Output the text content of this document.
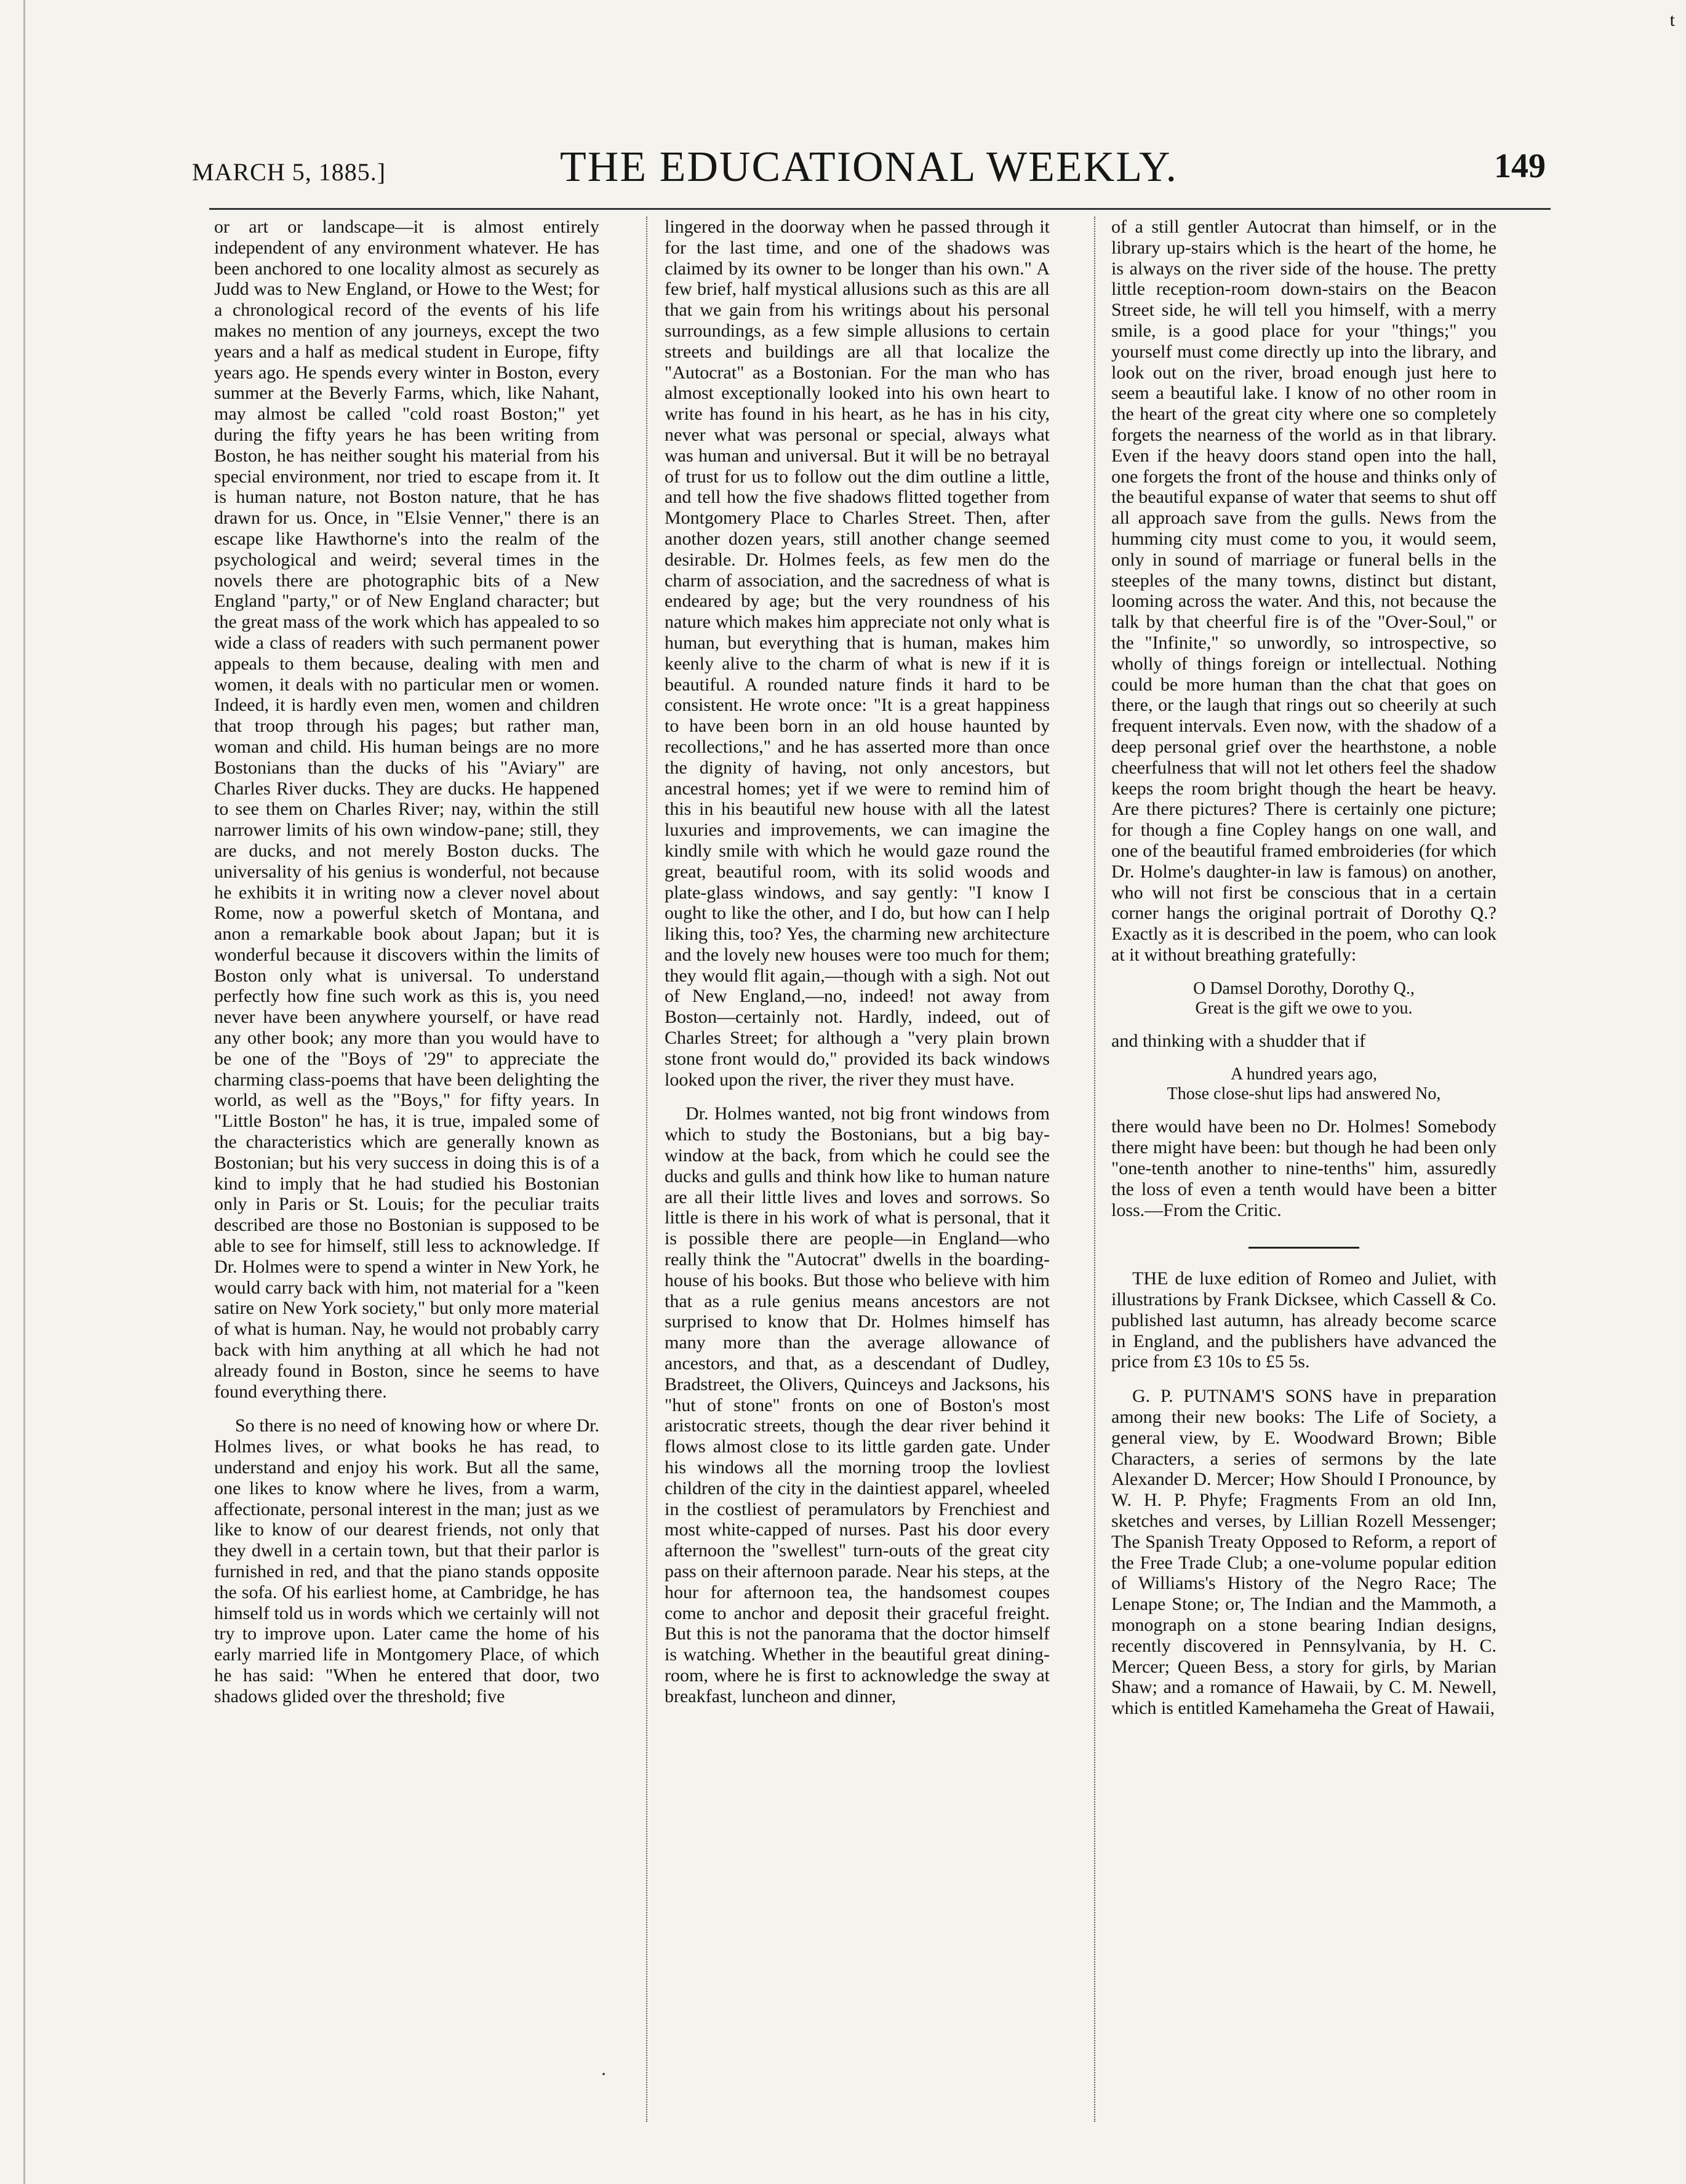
t
MARCH 5, 1885.]	THE EDUCATIONAL WEEKLY.	149

or art or landscape—it is almost entirely independent of any environment whatever. He has been anchored to one locality almost as securely as Judd was to New England, or Howe to the West; for a chronological record of the events of his life makes no mention of any journeys, except the two years and a half as medical student in Europe, fifty years ago. He spends every winter in Boston, every summer at the Beverly Farms, which, like Nahant, may almost be called "cold roast Boston;" yet during the fifty years he has been writing from Boston, he has neither sought his material from his special environment, nor tried to escape from it. It is human nature, not Boston nature, that he has drawn for us. Once, in "Elsie Venner," there is an escape like Hawthorne's into the realm of the psychological and weird; several times in the novels there are photographic bits of a New England "party," or of New England character; but the great mass of the work which has appealed to so wide a class of readers with such permanent power appeals to them because, dealing with men and women, it deals with no particular men or women. Indeed, it is hardly even men, women and children that troop through his pages; but rather man, woman and child. His human beings are no more Bostonians than the ducks of his "Aviary" are Charles River ducks. They are ducks. He happened to see them on Charles River; nay, within the still narrower limits of his own window-pane; still, they are ducks, and not merely Boston ducks. The universality of his genius is wonderful, not because he exhibits it in writing now a clever novel about Rome, now a powerful sketch of Montana, and anon a remarkable book about Japan; but it is wonderful because it discovers within the limits of Boston only what is universal. To understand perfectly how fine such work as this is, you need never have been anywhere yourself, or have read any other book; any more than you would have to be one of the "Boys of '29" to appreciate the charming class-poems that have been delighting the world, as well as the "Boys," for fifty years. In "Little Boston" he has, it is true, impaled some of the characteristics which are generally known as Bostonian; but his very success in doing this is of a kind to imply that he had studied his Bostonian only in Paris or St. Louis; for the peculiar traits described are those no Bostonian is supposed to be able to see for himself, still less to acknowledge. If Dr. Holmes were to spend a winter in New York, he would carry back with him, not material for a "keen satire on New York society," but only more material of what is human. Nay, he would not probably carry back with him anything at all which he had not already found in Boston, since he seems to have found everything there.

So there is no need of knowing how or where Dr. Holmes lives, or what books he has read, to understand and enjoy his work. But all the same, one likes to know where he lives, from a warm, affectionate, personal interest in the man; just as we like to know of our dearest friends, not only that they dwell in a certain town, but that their parlor is furnished in red, and that the piano stands opposite the sofa. Of his earliest home, at Cambridge, he has himself told us in words which we certainly will not try to improve upon. Later came the home of his early married life in Montgomery Place, of which he has said: "When he entered that door, two shadows glided over the threshold; five

lingered in the doorway when he passed through it for the last time, and one of the shadows was claimed by its owner to be longer than his own." A few brief, half mystical allusions such as this are all that we gain from his writings about his personal surroundings, as a few simple allusions to certain streets and buildings are all that localize the "Autocrat" as a Bostonian. For the man who has almost exceptionally looked into his own heart to write has found in his heart, as he has in his city, never what was personal or special, always what was human and universal. But it will be no betrayal of trust for us to follow out the dim outline a little, and tell how the five shadows flitted together from Montgomery Place to Charles Street. Then, after another dozen years, still another change seemed desirable. Dr. Holmes feels, as few men do the charm of association, and the sacredness of what is endeared by age; but the very roundness of his nature which makes him appreciate not only what is human, but everything that is human, makes him keenly alive to the charm of what is new if it is beautiful. A rounded nature finds it hard to be consistent. He wrote once: "It is a great happiness to have been born in an old house haunted by recollections," and he has asserted more than once the dignity of having, not only ancestors, but ancestral homes; yet if we were to remind him of this in his beautiful new house with all the latest luxuries and improvements, we can imagine the kindly smile with which he would gaze round the great, beautiful room, with its solid woods and plate-glass windows, and say gently: "I know I ought to like the other, and I do, but how can I help liking this, too? Yes, the charming new architecture and the lovely new houses were too much for them; they would flit again,—though with a sigh. Not out of New England,—no, indeed! not away from Boston—certainly not. Hardly, indeed, out of Charles Street; for although a "very plain brown stone front would do," provided its back windows looked upon the river, the river they must have.

Dr. Holmes wanted, not big front windows from which to study the Bostonians, but a big bay-window at the back, from which he could see the ducks and gulls and think how like to human nature are all their little lives and loves and sorrows. So little is there in his work of what is personal, that it is possible there are people—in England—who really think the "Autocrat" dwells in the boarding-house of his books. But those who believe with him that as a rule genius means ancestors are not surprised to know that Dr. Holmes himself has many more than the average allowance of ancestors, and that, as a descendant of Dudley, Bradstreet, the Olivers, Quinceys and Jacksons, his "hut of stone" fronts on one of Boston's most aristocratic streets, though the dear river behind it flows almost close to its little garden gate. Under his windows all the morning troop the lovliest children of the city in the daintiest apparel, wheeled in the costliest of peramulators by Frenchiest and most white-capped of nurses. Past his door every afternoon the "swellest" turn-outs of the great city pass on their afternoon parade. Near his steps, at the hour for afternoon tea, the handsomest coupes come to anchor and deposit their graceful freight. But this is not the panorama that the doctor himself is watching. Whether in the beautiful great dining-room, where he is first to acknowledge the sway at breakfast, luncheon and dinner,

of a still gentler Autocrat than himself, or in the library up-stairs which is the heart of the home, he is always on the river side of the house. The pretty little reception-room down-stairs on the Beacon Street side, he will tell you himself, with a merry smile, is a good place for your "things;" you yourself must come directly up into the library, and look out on the river, broad enough just here to seem a beautiful lake. I know of no other room in the heart of the great city where one so completely forgets the nearness of the world as in that library. Even if the heavy doors stand open into the hall, one forgets the front of the house and thinks only of the beautiful expanse of water that seems to shut off all approach save from the gulls. News from the humming city must come to you, it would seem, only in sound of marriage or funeral bells in the steeples of the many towns, distinct but distant, looming across the water. And this, not because the talk by that cheerful fire is of the "Over-Soul," or the "Infinite," so unwordly, so introspective, so wholly of things foreign or intellectual. Nothing could be more human than the chat that goes on there, or the laugh that rings out so cheerily at such frequent intervals. Even now, with the shadow of a deep personal grief over the hearthstone, a noble cheerfulness that will not let others feel the shadow keeps the room bright though the heart be heavy. Are there pictures? There is certainly one picture; for though a fine Copley hangs on one wall, and one of the beautiful framed embroideries (for which Dr. Holme's daughter-in law is famous) on another, who will not first be conscious that in a certain corner hangs the original portrait of Dorothy Q.? Exactly as it is described in the poem, who can look at it without breathing gratefully:

O Damsel Dorothy, Dorothy Q.,
Great is the gift we owe to you.

and thinking with a shudder that if

A hundred years ago,
Those close-shut lips had answered No,

there would have been no Dr. Holmes! Somebody there might have been: but though he had been only "one-tenth another to nine-tenths" him, assuredly the loss of even a tenth would have been a bitter loss.—From the Critic.

THE de luxe edition of Romeo and Juliet, with illustrations by Frank Dicksee, which Cassell & Co. published last autumn, has already become scarce in England, and the publishers have advanced the price from £3 10s to £5 5s.

G. P. PUTNAM'S SONS have in preparation among their new books: The Life of Society, a general view, by E. Woodward Brown; Bible Characters, a series of sermons by the late Alexander D. Mercer; How Should I Pronounce, by W. H. P. Phyfe; Fragments From an old Inn, sketches and verses, by Lillian Rozell Messenger; The Spanish Treaty Opposed to Reform, a report of the Free Trade Club; a one-volume popular edition of Williams's History of the Negro Race; The Lenape Stone; or, The Indian and the Mammoth, a monograph on a stone bearing Indian designs, recently discovered in Pennsylvania, by H. C. Mercer; Queen Bess, a story for girls, by Marian Shaw; and a romance of Hawaii, by C. M. Newell, which is entitled Kamehameha the Great of Hawaii,

·
